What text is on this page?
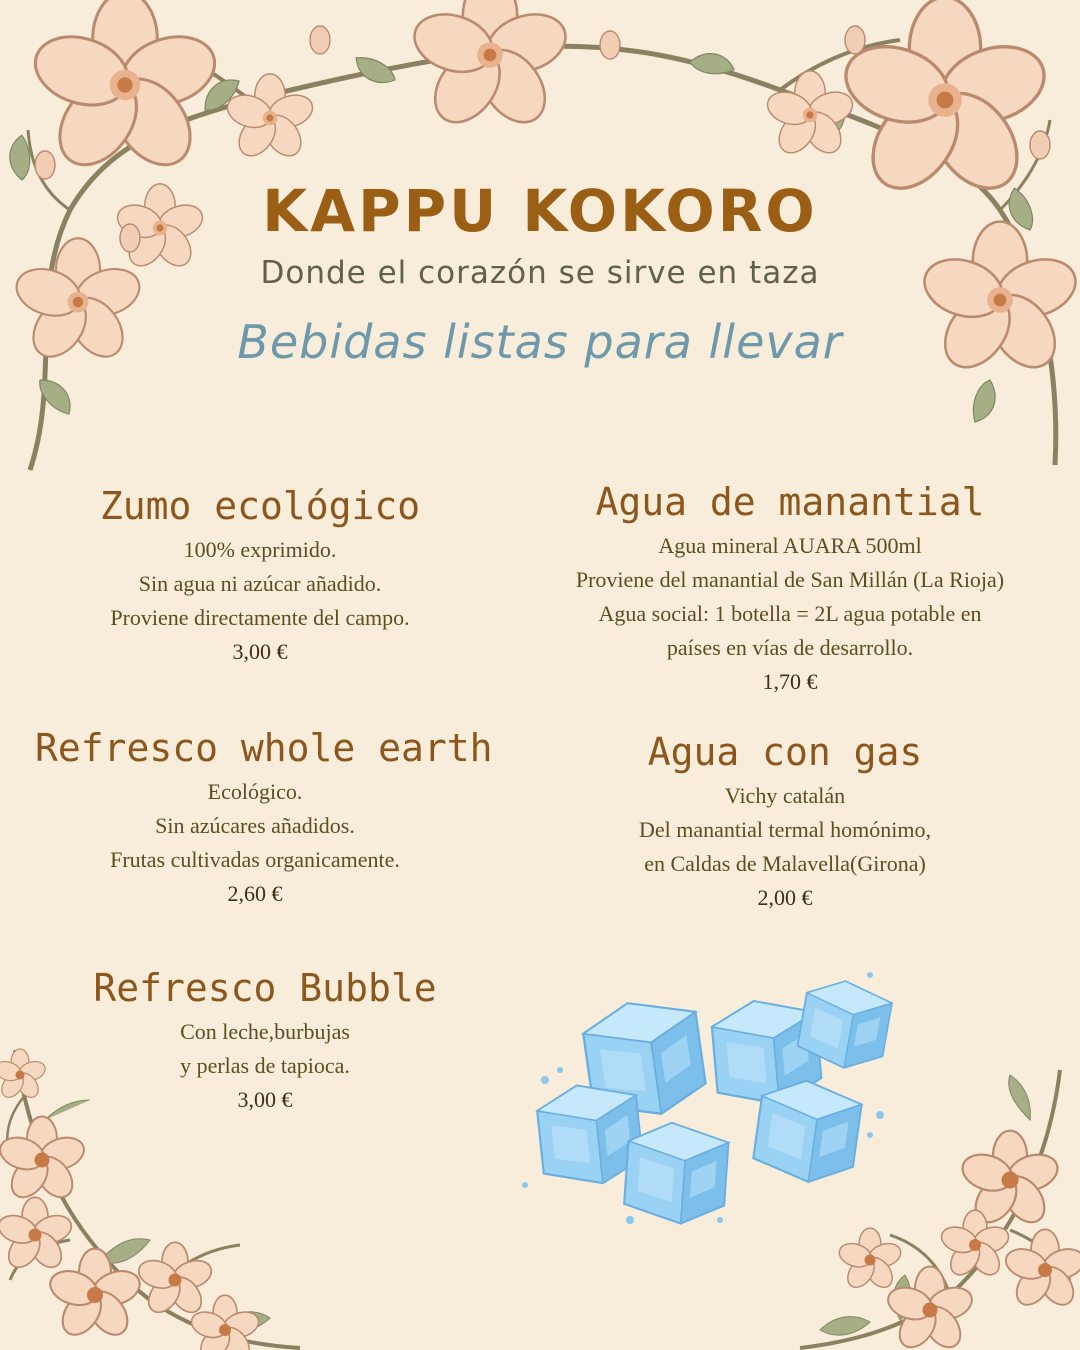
KAPPU KOKORO
Donde el corazón se sirve en taza
Bebidas listas para llevar
Zumo ecológico
100% exprimido.
Sin agua ni azúcar añadido.
Proviene directamente del campo.
3,00 €
Agua de manantial
Agua mineral AUARA 500ml
Proviene del manantial de San Millán (La Rioja)
Agua social: 1 botella = 2L agua potable en
países en vías de desarrollo.
1,70 €
Refresco whole earth
Ecológico.
Sin azúcares añadidos.
Frutas cultivadas organicamente.
2,60 €
Agua con gas
Vichy catalán
Del manantial termal homónimo,
en Caldas de Malavella(Girona)
2,00 €
Refresco Bubble
Con leche,burbujas
y perlas de tapioca.
3,00 €
